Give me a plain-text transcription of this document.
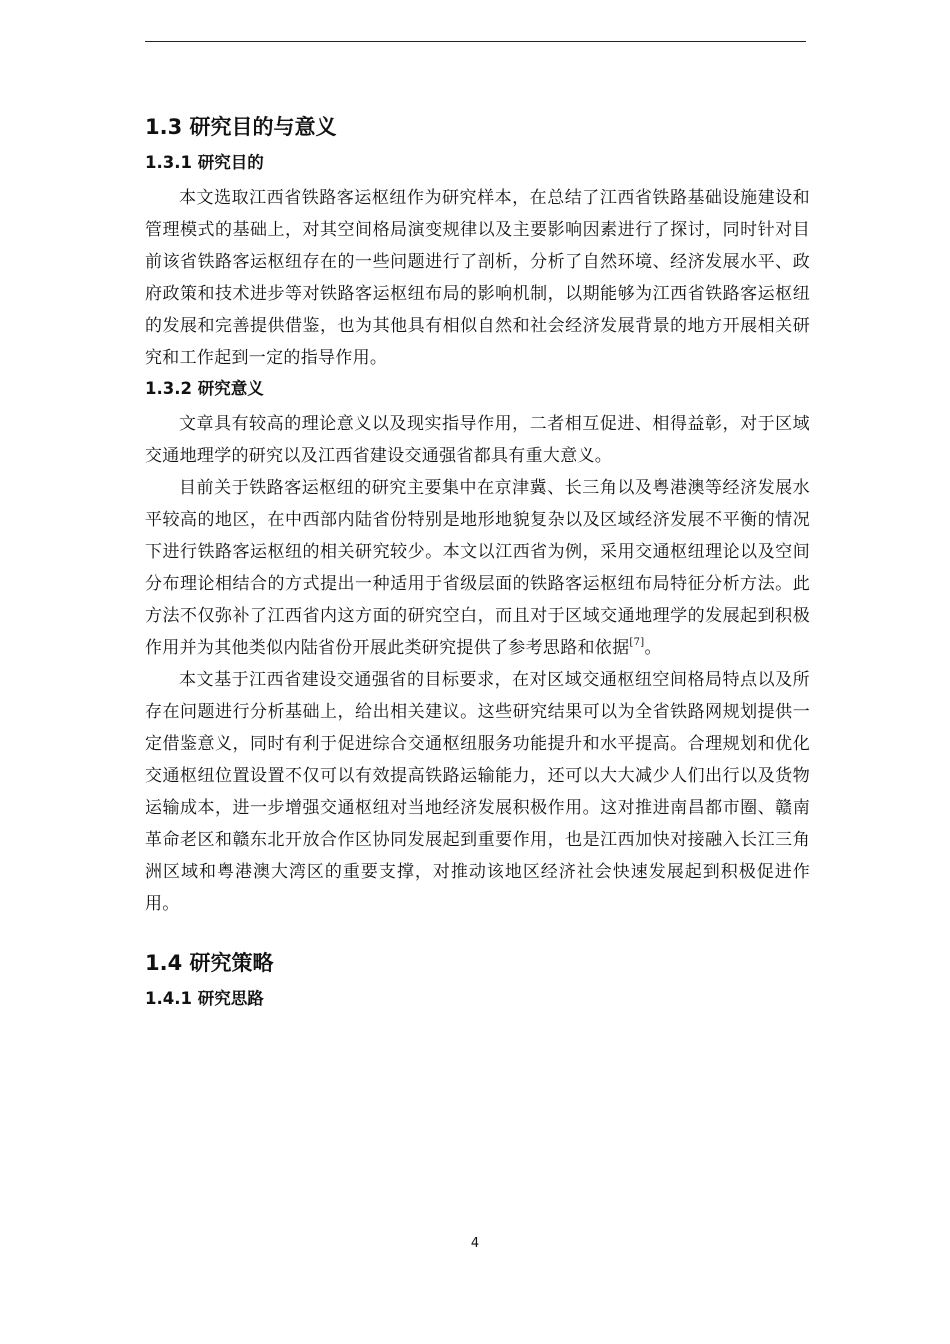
1.3 研究目的与意义
1.3.1 研究目的

本文选取江西省铁路客运枢纽作为研究样本，在总结了江西省铁路基础设施建设和管理模式的基础上，对其空间格局演变规律以及主要影响因素进行了探讨，同时针对目前该省铁路客运枢纽存在的一些问题进行了剖析，分析了自然环境、经济发展水平、政府政策和技术进步等对铁路客运枢纽布局的影响机制，以期能够为江西省铁路客运枢纽的发展和完善提供借鉴，也为其他具有相似自然和社会经济发展背景的地方开展相关研究和工作起到一定的指导作用。

1.3.2 研究意义

文章具有较高的理论意义以及现实指导作用，二者相互促进、相得益彰，对于区域交通地理学的研究以及江西省建设交通强省都具有重大意义。

目前关于铁路客运枢纽的研究主要集中在京津冀、长三角以及粤港澳等经济发展水平较高的地区，在中西部内陆省份特别是地形地貌复杂以及区域经济发展不平衡的情况下进行铁路客运枢纽的相关研究较少。本文以江西省为例，采用交通枢纽理论以及空间分布理论相结合的方式提出一种适用于省级层面的铁路客运枢纽布局特征分析方法。此方法不仅弥补了江西省内这方面的研究空白，而且对于区域交通地理学的发展起到积极作用并为其他类似内陆省份开展此类研究提供了参考思路和依据[7]。

本文基于江西省建设交通强省的目标要求，在对区域交通枢纽空间格局特点以及所存在问题进行分析基础上，给出相关建议。这些研究结果可以为全省铁路网规划提供一定借鉴意义，同时有利于促进综合交通枢纽服务功能提升和水平提高。合理规划和优化交通枢纽位置设置不仅可以有效提高铁路运输能力，还可以大大减少人们出行以及货物运输成本，进一步增强交通枢纽对当地经济发展积极作用。这对推进南昌都市圈、赣南革命老区和赣东北开放合作区协同发展起到重要作用，也是江西加快对接融入长江三角洲区域和粤港澳大湾区的重要支撑，对推动该地区经济社会快速发展起到积极促进作用。

1.4 研究策略
1.4.1 研究思路
4
